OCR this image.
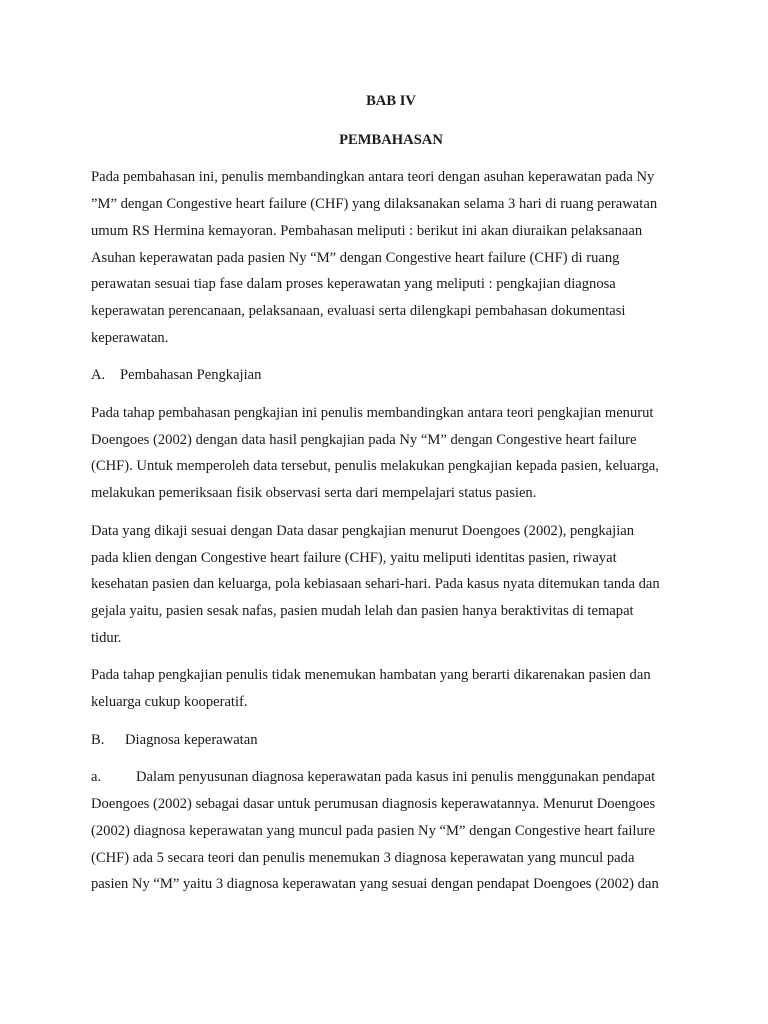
BAB IV

PEMBAHASAN

Pada pembahasan ini, penulis membandingkan antara teori dengan asuhan keperawatan pada Ny
”M” dengan Congestive heart failure (CHF) yang dilaksanakan selama 3 hari di ruang perawatan
umum RS Hermina kemayoran. Pembahasan meliputi : berikut ini akan diuraikan pelaksanaan
Asuhan keperawatan pada pasien Ny “M” dengan Congestive heart failure (CHF) di ruang
perawatan sesuai tiap fase dalam proses keperawatan yang meliputi : pengkajian diagnosa
keperawatan perencanaan, pelaksanaan, evaluasi serta dilengkapi pembahasan dokumentasi
keperawatan.
A. Pembahasan Pengkajian
Pada tahap pembahasan pengkajian ini penulis membandingkan antara teori pengkajian menurut
Doengoes (2002) dengan data hasil pengkajian pada Ny “M” dengan Congestive heart failure
(CHF). Untuk memperoleh data tersebut, penulis melakukan pengkajian kepada pasien, keluarga,
melakukan pemeriksaan fisik observasi serta dari mempelajari status pasien.
Data yang dikaji sesuai dengan Data dasar pengkajian menurut Doengoes (2002), pengkajian
pada klien dengan Congestive heart failure (CHF), yaitu meliputi identitas pasien, riwayat
kesehatan pasien dan keluarga, pola kebiasaan sehari-hari. Pada kasus nyata ditemukan tanda dan
gejala yaitu, pasien sesak nafas, pasien mudah lelah dan pasien hanya beraktivitas di temapat
tidur.
Pada tahap pengkajian penulis tidak menemukan hambatan yang berarti dikarenakan pasien dan
keluarga cukup kooperatif.
B. Diagnosa keperawatan
a. Dalam penyusunan diagnosa keperawatan pada kasus ini penulis menggunakan pendapat
Doengoes (2002) sebagai dasar untuk perumusan diagnosis keperawatannya. Menurut Doengoes
(2002) diagnosa keperawatan yang muncul pada pasien Ny “M” dengan Congestive heart failure
(CHF) ada 5 secara teori dan penulis menemukan 3 diagnosa keperawatan yang muncul pada
pasien Ny “M” yaitu 3 diagnosa keperawatan yang sesuai dengan pendapat Doengoes (2002) dan
